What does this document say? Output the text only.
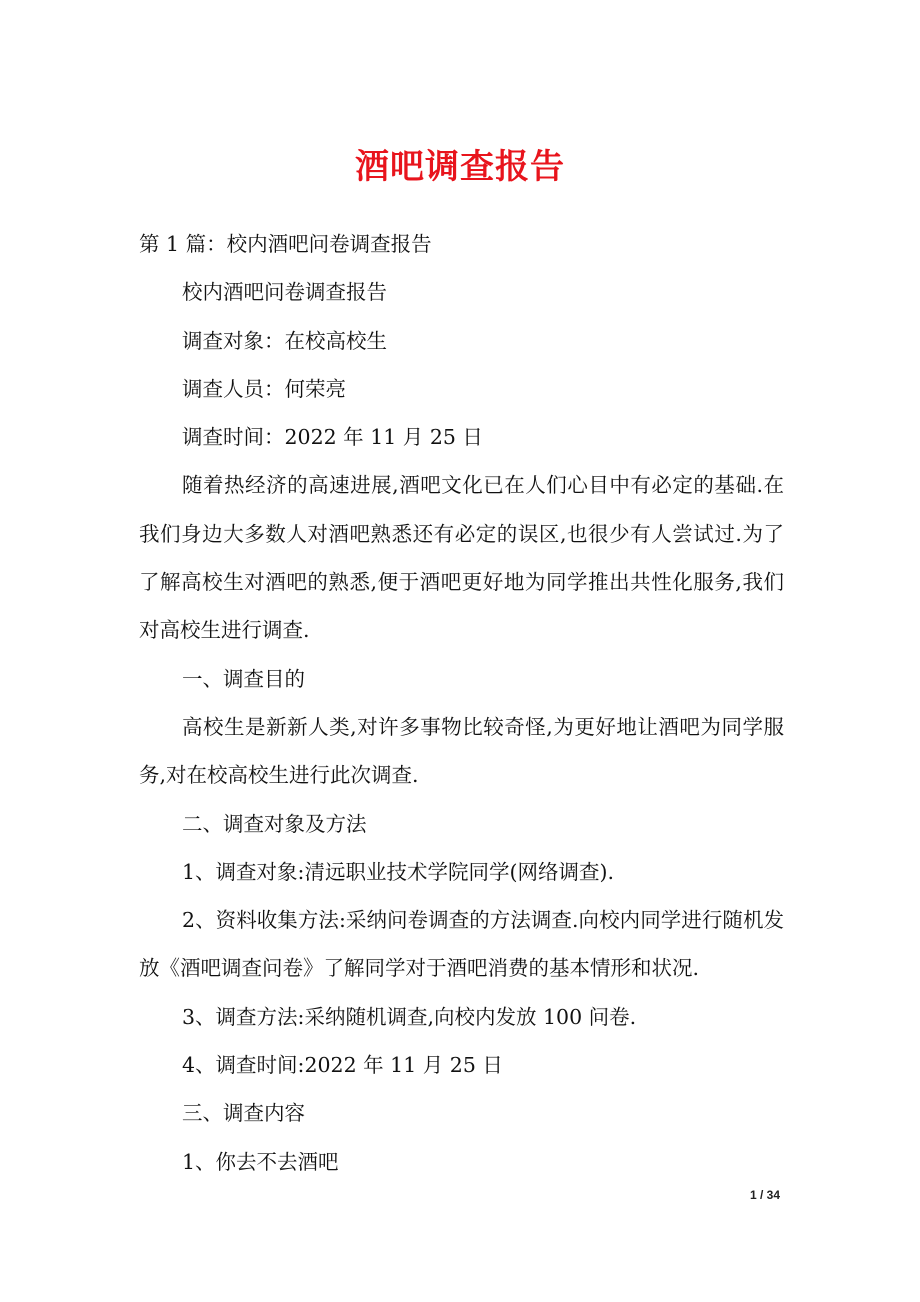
酒吧调查报告

第 1 篇：校内酒吧问卷调查报告

校内酒吧问卷调查报告

调查对象：在校高校生

调查人员：何荣亮

调查时间：2022 年 11 月 25 日

随着热经济的高速进展,酒吧文化已在人们心目中有必定的基础.在我们身边大多数人对酒吧熟悉还有必定的误区,也很少有人尝试过.为了了解高校生对酒吧的熟悉,便于酒吧更好地为同学推出共性化服务,我们对高校生进行调查.

一、调查目的

高校生是新新人类,对许多事物比较奇怪,为更好地让酒吧为同学服务,对在校高校生进行此次调查.

二、调查对象及方法

1、调查对象:清远职业技术学院同学(网络调查).

2、资料收集方法:采纳问卷调查的方法调查.向校内同学进行随机发放《酒吧调查问卷》了解同学对于酒吧消费的基本情形和状况.

3、调查方法:采纳随机调查,向校内发放 100 问卷.

4、调查时间:2022 年 11 月 25 日

三、调查内容

1、你去不去酒吧

1 / 34
